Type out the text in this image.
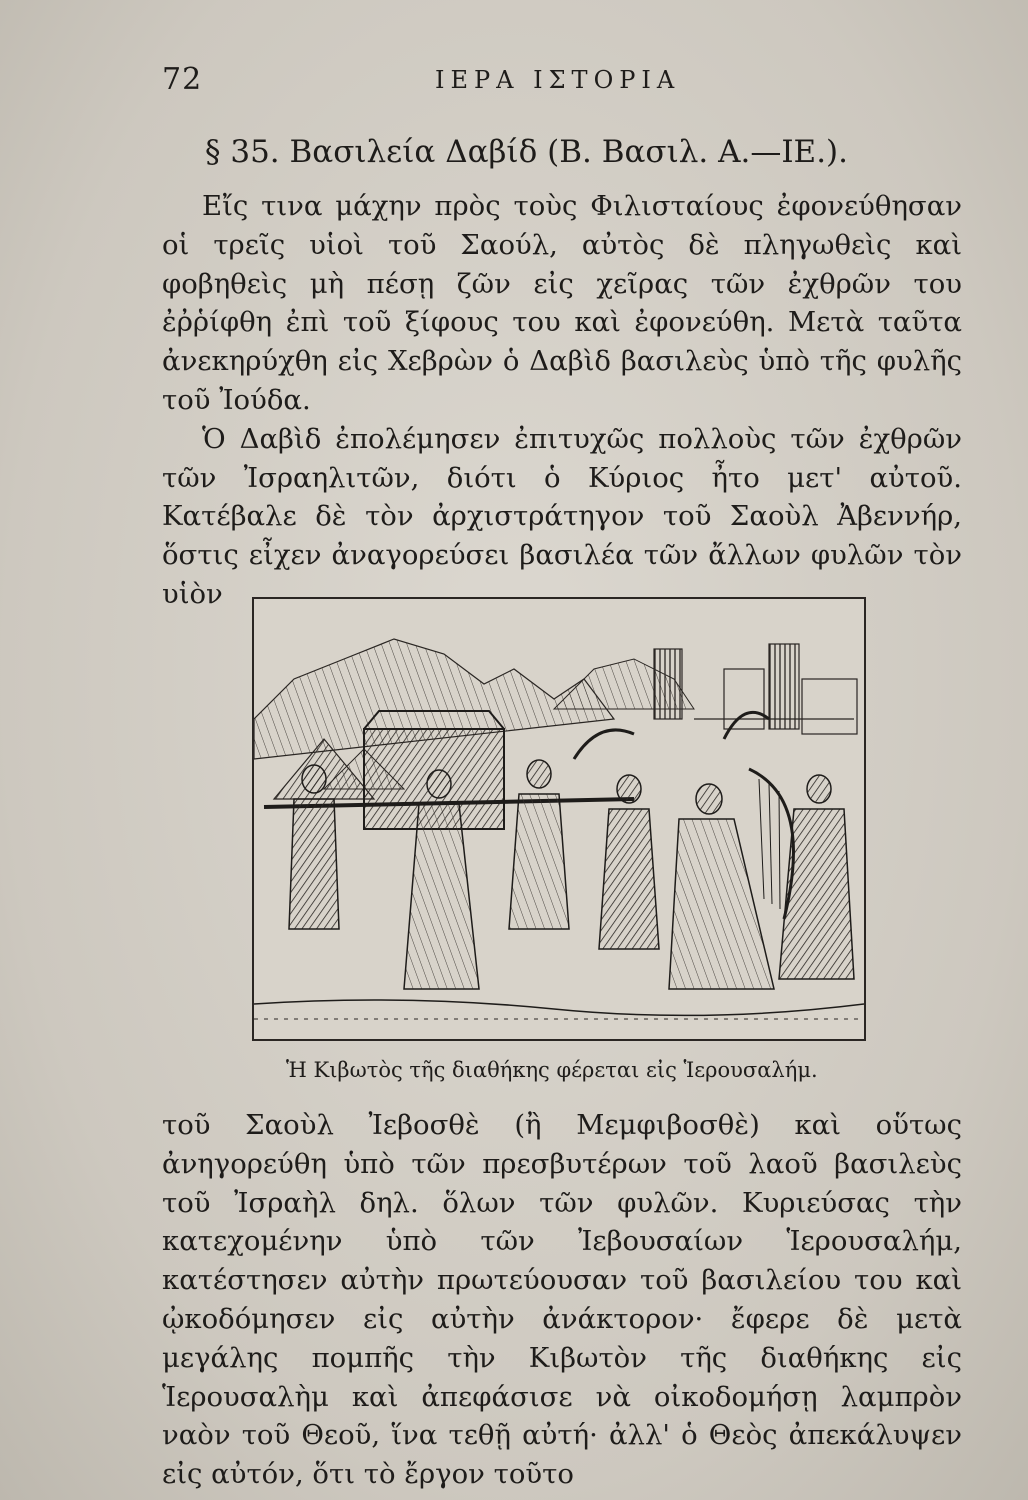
72	ΙΕΡΑ ΙΣΤΟΡΙΑ
§ 35. Βασιλεία Δαβίδ (Β. Βασιλ. Α.—ΙΕ.).

Εἴς τινα μάχην πρὸς τοὺς Φιλισταίους ἐφονεύθησαν οἱ τρεῖς υἱοὶ τοῦ Σαούλ, αὐτὸς δὲ πληγωθεὶς καὶ φοβηθεὶς μὴ πέσῃ ζῶν εἰς χεῖρας τῶν ἐχθρῶν του ἐῤῥίφθη ἐπὶ τοῦ ξίφους του καὶ ἐφονεύθη. Μετὰ ταῦτα ἀνεκηρύχθη εἰς Χεβρὼν ὁ Δαβὶδ βασιλεὺς ὑπὸ τῆς φυλῆς τοῦ Ἰούδα.

Ὁ Δαβὶδ ἐπολέμησεν ἐπιτυχῶς πολλοὺς τῶν ἐχθρῶν τῶν Ἰσραηλιτῶν, διότι ὁ Κύριος ἦτο μετ' αὐτοῦ. Κατέβαλε δὲ τὸν ἀρχιστράτηγον τοῦ Σαοὺλ Ἀβεννήρ, ὅστις εἶχεν ἀναγορεύσει βασιλέα τῶν ἄλλων φυλῶν τὸν υἱὸν

Ἡ Κιβωτὸς τῆς διαθήκης φέρεται εἰς Ἱερουσαλήμ.

τοῦ Σαοὺλ Ἰεβοσθὲ (ἢ Μεμφιβοσθὲ) καὶ οὕτως ἀνηγορεύθη ὑπὸ τῶν πρεσβυτέρων τοῦ λαοῦ βασιλεὺς τοῦ Ἰσραὴλ δηλ. ὅλων τῶν φυλῶν. Κυριεύσας τὴν κατεχομένην ὑπὸ τῶν Ἰεβουσαίων Ἱερουσαλήμ, κατέστησεν αὐτὴν πρωτεύουσαν τοῦ βασιλείου του καὶ ᾠκοδόμησεν εἰς αὐτὴν ἀνάκτορον· ἔφερε δὲ μετὰ μεγάλης πομπῆς τὴν Κιβωτὸν τῆς διαθήκης εἰς Ἱερουσαλὴμ καὶ ἀπεφάσισε νὰ οἰκοδομήσῃ λαμπρὸν ναὸν τοῦ Θεοῦ, ἵνα τεθῇ αὐτή· ἀλλ' ὁ Θεὸς ἀπεκάλυψεν εἰς αὐτόν, ὅτι τὸ ἔργον τοῦτο
